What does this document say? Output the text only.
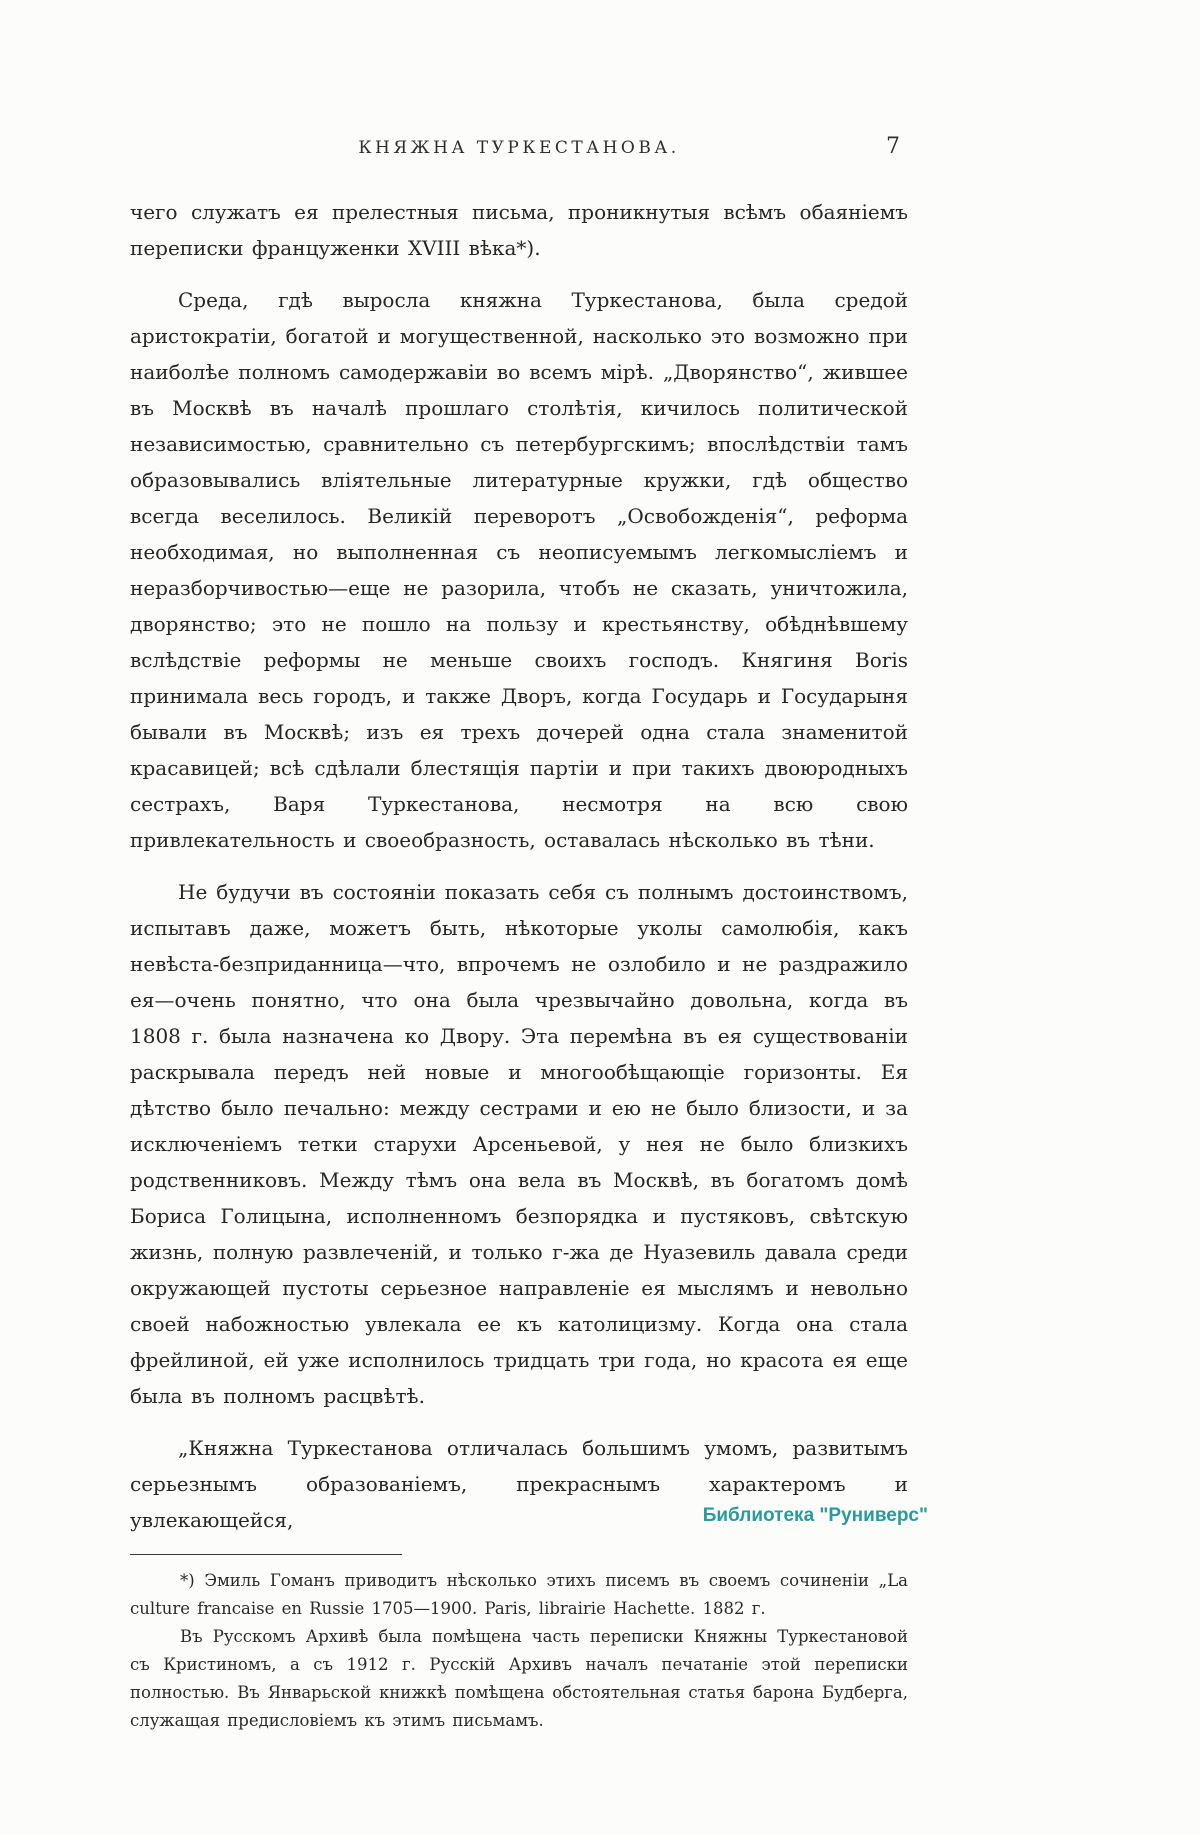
КНЯЖНА ТУРКЕСТАНОВА.	7

чего служатъ ея прелестныя письма, проникнутыя всѣмъ обаяніемъ переписки француженки XVIII вѣка*).

Среда, гдѣ выросла княжна Туркестанова, была средой аристократіи, богатой и могущественной, насколько это возможно при наиболѣе полномъ самодержавіи во всемъ мірѣ. „Дворянство“, жившее въ Москвѣ въ началѣ прошлаго столѣтія, кичилось политической независимостью, сравнительно съ петербургскимъ; впослѣдствіи тамъ образовывались вліятельные литературные кружки, гдѣ общество всегда веселилось. Великій переворотъ „Освобожденія“, реформа необходимая, но выполненная съ неописуемымъ легкомысліемъ и неразборчивостью—еще не разорила, чтобъ не сказать, уничтожила, дворянство; это не пошло на пользу и крестьянству, обѣднѣвшему вслѣдствіе реформы не меньше своихъ господъ. Княгиня Boris принимала весь городъ, и также Дворъ, когда Государь и Государыня бывали въ Москвѣ; изъ ея трехъ дочерей одна стала знаменитой красавицей; всѣ сдѣлали блестящія партіи и при такихъ двоюродныхъ сестрахъ, Варя Туркестанова, несмотря на всю свою привлекательность и своеобразность, оставалась нѣсколько въ тѣни.

Не будучи въ состояніи показать себя съ полнымъ достоинствомъ, испытавъ даже, можетъ быть, нѣкоторые уколы самолюбія, какъ невѣста-безприданница—что, впрочемъ не озлобило и не раздражило ея—очень понятно, что она была чрезвычайно довольна, когда въ 1808 г. была назначена ко Двору. Эта перемѣна въ ея существованіи раскрывала передъ ней новые и многообѣщающіе горизонты. Ея дѣтство было печально: между сестрами и ею не было близости, и за исключеніемъ тетки старухи Арсеньевой, у нея не было близкихъ родственниковъ. Между тѣмъ она вела въ Москвѣ, въ богатомъ домѣ Бориса Голицына, исполненномъ безпорядка и пустяковъ, свѣтскую жизнь, полную развлеченій, и только г-жа де Нуазевиль давала среди окружающей пустоты серьезное направленіе ея мыслямъ и невольно своей набожностью увлекала ее къ католицизму. Когда она стала фрейлиной, ей уже исполнилось тридцать три года, но красота ея еще была въ полномъ расцвѣтѣ.

„Княжна Туркестанова отличалась большимъ умомъ, развитымъ серьезнымъ образованіемъ, прекраснымъ характеромъ и увлекающейся,

*) Эмиль Гоманъ приводитъ нѣсколько этихъ писемъ въ своемъ сочиненіи „La culture francaise en Russie 1705—1900. Paris, librairie Hachette. 1882 г.

Въ Русскомъ Архивѣ была помѣщена часть переписки Княжны Туркестановой съ Кристиномъ, а съ 1912 г. Русскій Архивъ началъ печатаніе этой переписки полностью. Въ Январьской книжкѣ помѣщена обстоятельная статья барона Будберга, служащая предисловіемъ къ этимъ письмамъ.

Библиотека "Руниверс"
